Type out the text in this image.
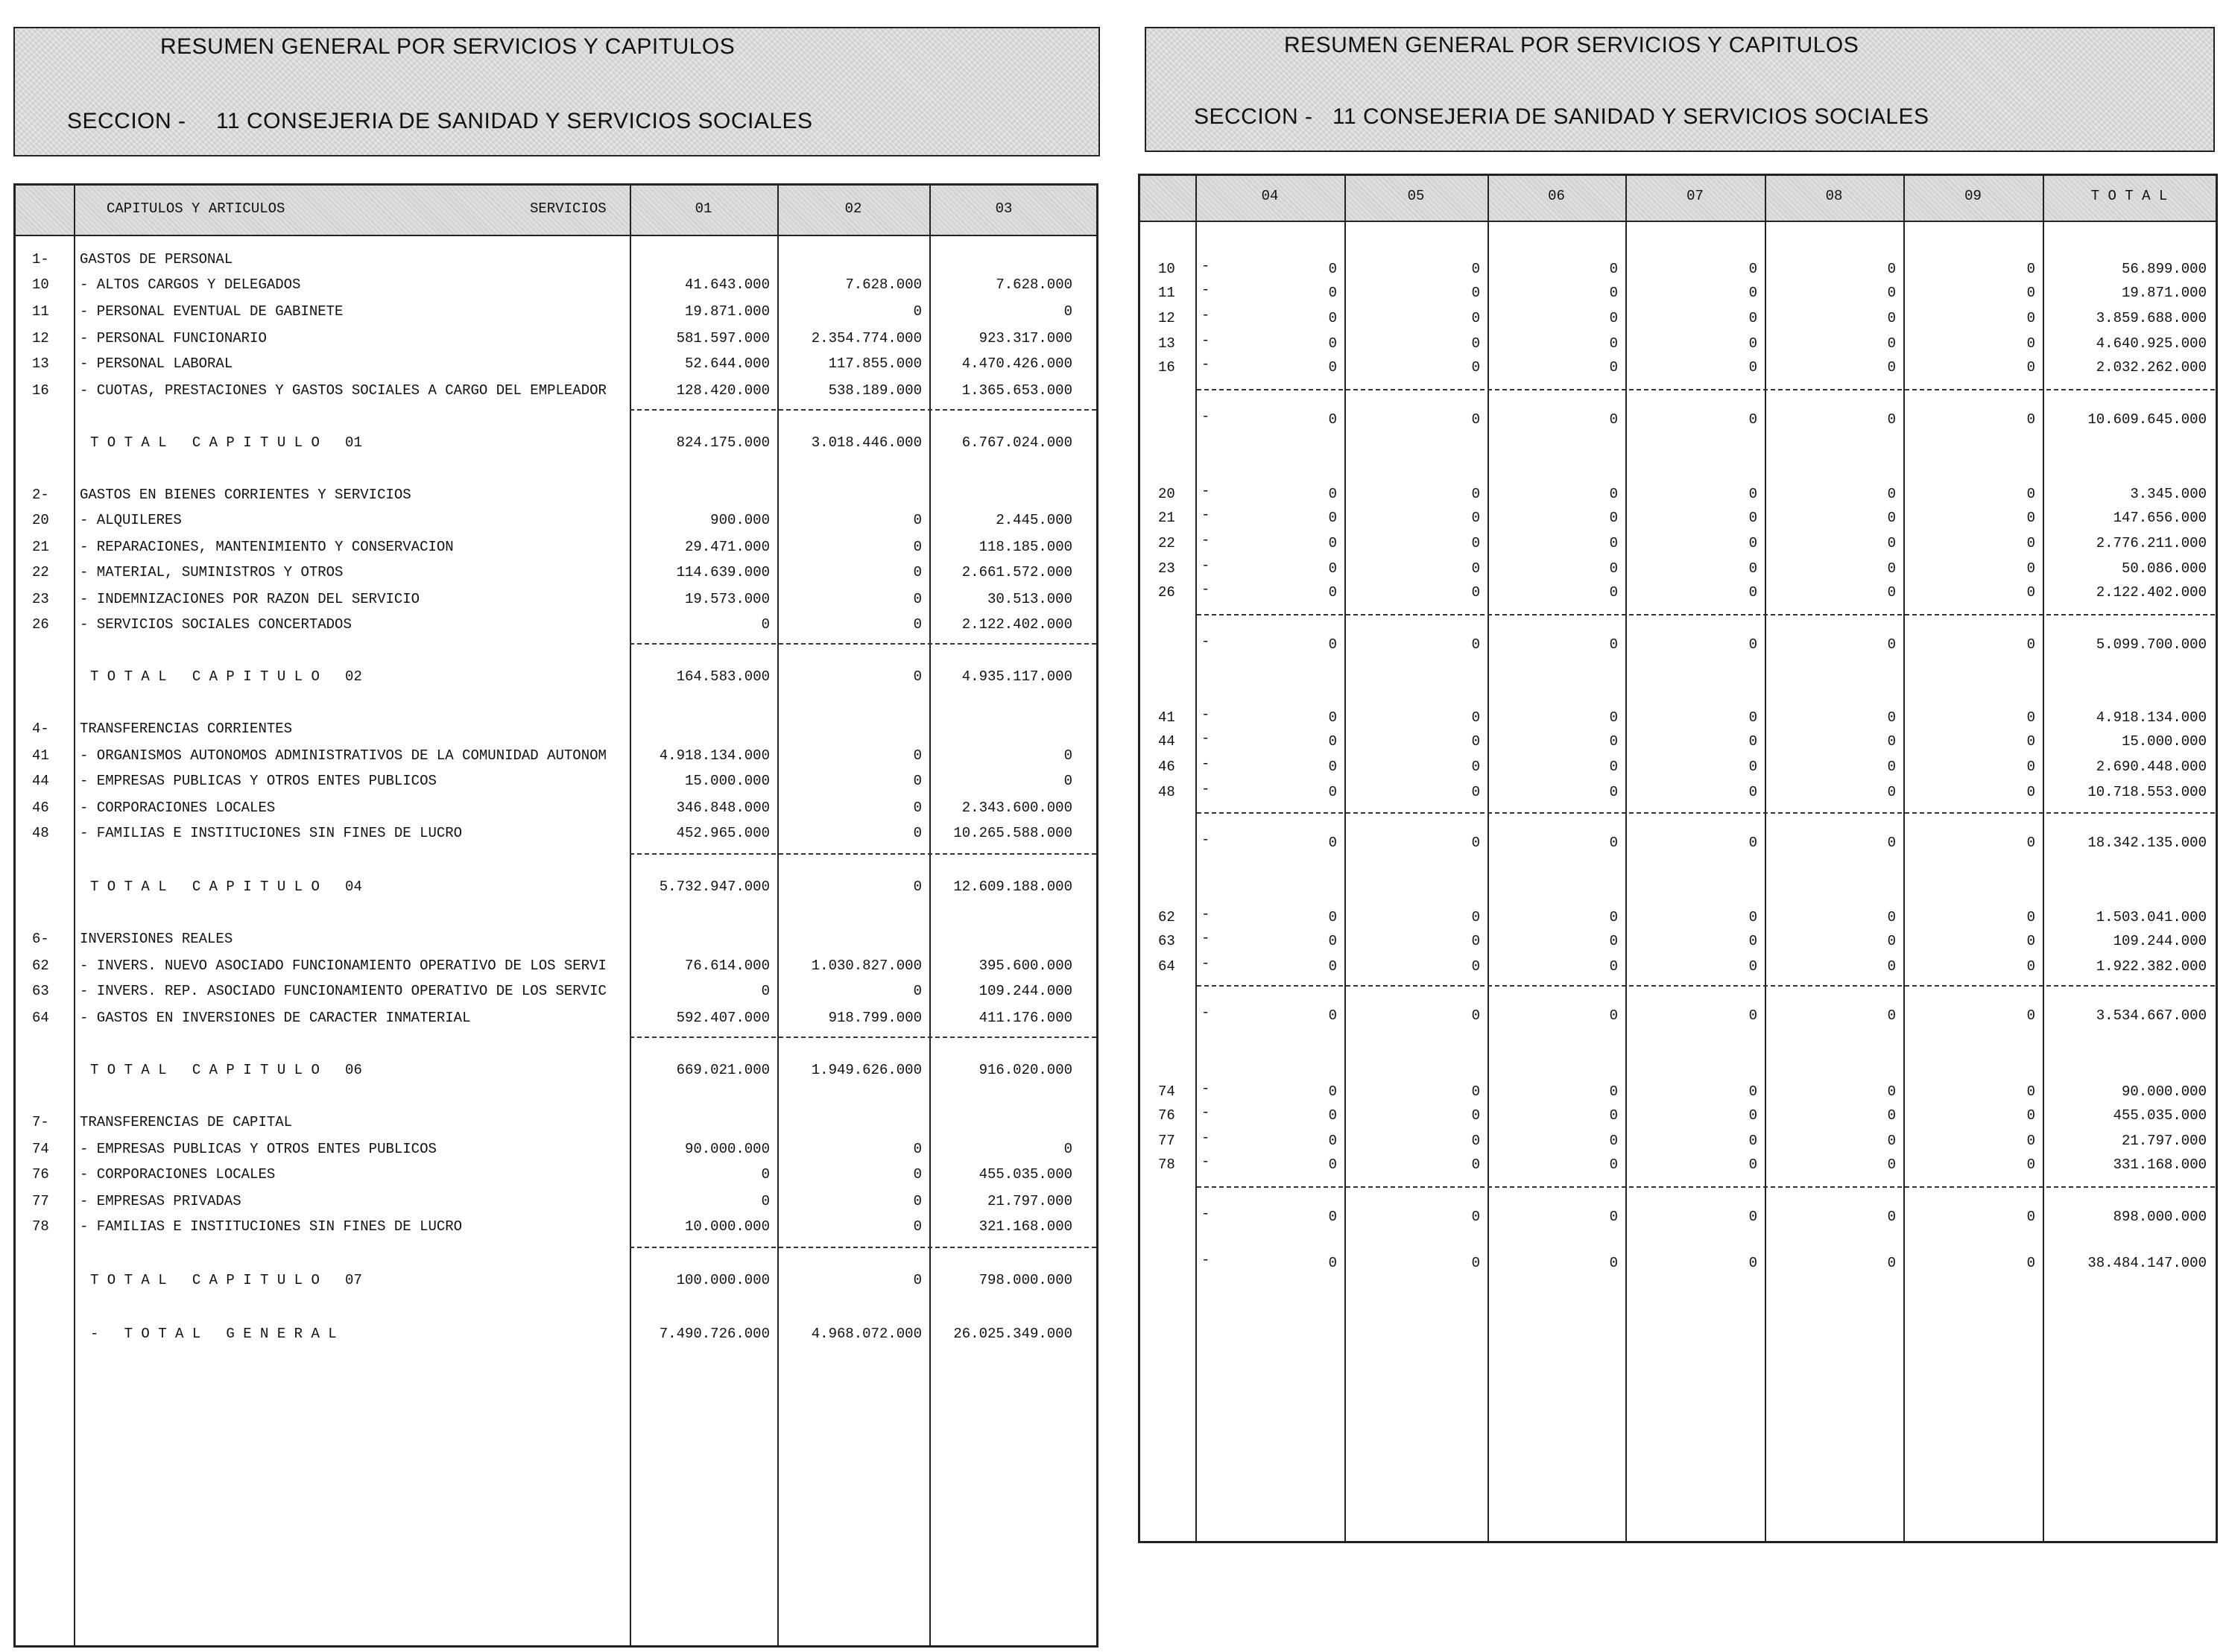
RESUMEN GENERAL POR SERVICIOS Y CAPITULOS
SECCION - 11 CONSEJERIA DE SANIDAD Y SERVICIOS SOCIALES
RESUMEN GENERAL POR SERVICIOS Y CAPITULOS
SECCION - 11 CONSEJERIA DE SANIDAD Y SERVICIOS SOCIALES
CAPITULOS Y ARTICULOS	SERVICIOS	01	02	03
1- GASTOS DE PERSONAL
10 - ALTOS CARGOS Y DELEGADOS	41.643.000	7.628.000	7.628.000
11 - PERSONAL EVENTUAL DE GABINETE	19.871.000	0	0
12 - PERSONAL FUNCIONARIO	581.597.000	2.354.774.000	923.317.000
13 - PERSONAL LABORAL	52.644.000	117.855.000	4.470.426.000
16 - CUOTAS, PRESTACIONES Y GASTOS SOCIALES A CARGO DEL EMPLEADOR	128.420.000	538.189.000	1.365.653.000
T O T A L   C A P I T U L O   01	824.175.000	3.018.446.000	6.767.024.000
2- GASTOS EN BIENES CORRIENTES Y SERVICIOS
20 - ALQUILERES	900.000	0	2.445.000
21 - REPARACIONES, MANTENIMIENTO Y CONSERVACION	29.471.000	0	118.185.000
22 - MATERIAL, SUMINISTROS Y OTROS	114.639.000	0	2.661.572.000
23 - INDEMNIZACIONES POR RAZON DEL SERVICIO	19.573.000	0	30.513.000
26 - SERVICIOS SOCIALES CONCERTADOS	0	0	2.122.402.000
T O T A L   C A P I T U L O   02	164.583.000	0	4.935.117.000
4- TRANSFERENCIAS CORRIENTES
41 - ORGANISMOS AUTONOMOS ADMINISTRATIVOS DE LA COMUNIDAD AUTONOM	4.918.134.000	0	0
44 - EMPRESAS PUBLICAS Y OTROS ENTES PUBLICOS	15.000.000	0	0
46 - CORPORACIONES LOCALES	346.848.000	0	2.343.600.000
48 - FAMILIAS E INSTITUCIONES SIN FINES DE LUCRO	452.965.000	0	10.265.588.000
T O T A L   C A P I T U L O   04	5.732.947.000	0	12.609.188.000
6- INVERSIONES REALES
62 - INVERS. NUEVO ASOCIADO FUNCIONAMIENTO OPERATIVO DE LOS SERVI	76.614.000	1.030.827.000	395.600.000
63 - INVERS. REP. ASOCIADO FUNCIONAMIENTO OPERATIVO DE LOS SERVIC	0	0	109.244.000
64 - GASTOS EN INVERSIONES DE CARACTER INMATERIAL	592.407.000	918.799.000	411.176.000
T O T A L   C A P I T U L O   06	669.021.000	1.949.626.000	916.020.000
7- TRANSFERENCIAS DE CAPITAL
74 - EMPRESAS PUBLICAS Y OTROS ENTES PUBLICOS	90.000.000	0	0
76 - CORPORACIONES LOCALES	0	0	455.035.000
77 - EMPRESAS PRIVADAS	0	0	21.797.000
78 - FAMILIAS E INSTITUCIONES SIN FINES DE LUCRO	10.000.000	0	321.168.000
T O T A L   C A P I T U L O   07	100.000.000	0	798.000.000
-   T O T A L   G E N E R A L	7.490.726.000	4.968.072.000	26.025.349.000
04	05	06	07	08	09	T O T A L
10 -	0	0	0	0	0	0	56.899.000
11 -	0	0	0	0	0	0	19.871.000
12 -	0	0	0	0	0	0	3.859.688.000
13 -	0	0	0	0	0	0	4.640.925.000
16 -	0	0	0	0	0	0	2.032.262.000
-	0	0	0	0	0	0	10.609.645.000
20 -	0	0	0	0	0	0	3.345.000
21 -	0	0	0	0	0	0	147.656.000
22 -	0	0	0	0	0	0	2.776.211.000
23 -	0	0	0	0	0	0	50.086.000
26 -	0	0	0	0	0	0	2.122.402.000
-	0	0	0	0	0	0	5.099.700.000
41 -	0	0	0	0	0	0	4.918.134.000
44 -	0	0	0	0	0	0	15.000.000
46 -	0	0	0	0	0	0	2.690.448.000
48 -	0	0	0	0	0	0	10.718.553.000
-	0	0	0	0	0	0	18.342.135.000
62 -	0	0	0	0	0	0	1.503.041.000
63 -	0	0	0	0	0	0	109.244.000
64 -	0	0	0	0	0	0	1.922.382.000
-	0	0	0	0	0	0	3.534.667.000
74 -	0	0	0	0	0	0	90.000.000
76 -	0	0	0	0	0	0	455.035.000
77 -	0	0	0	0	0	0	21.797.000
78 -	0	0	0	0	0	0	331.168.000
-	0	0	0	0	0	0	898.000.000
-	0	0	0	0	0	0	38.484.147.000
